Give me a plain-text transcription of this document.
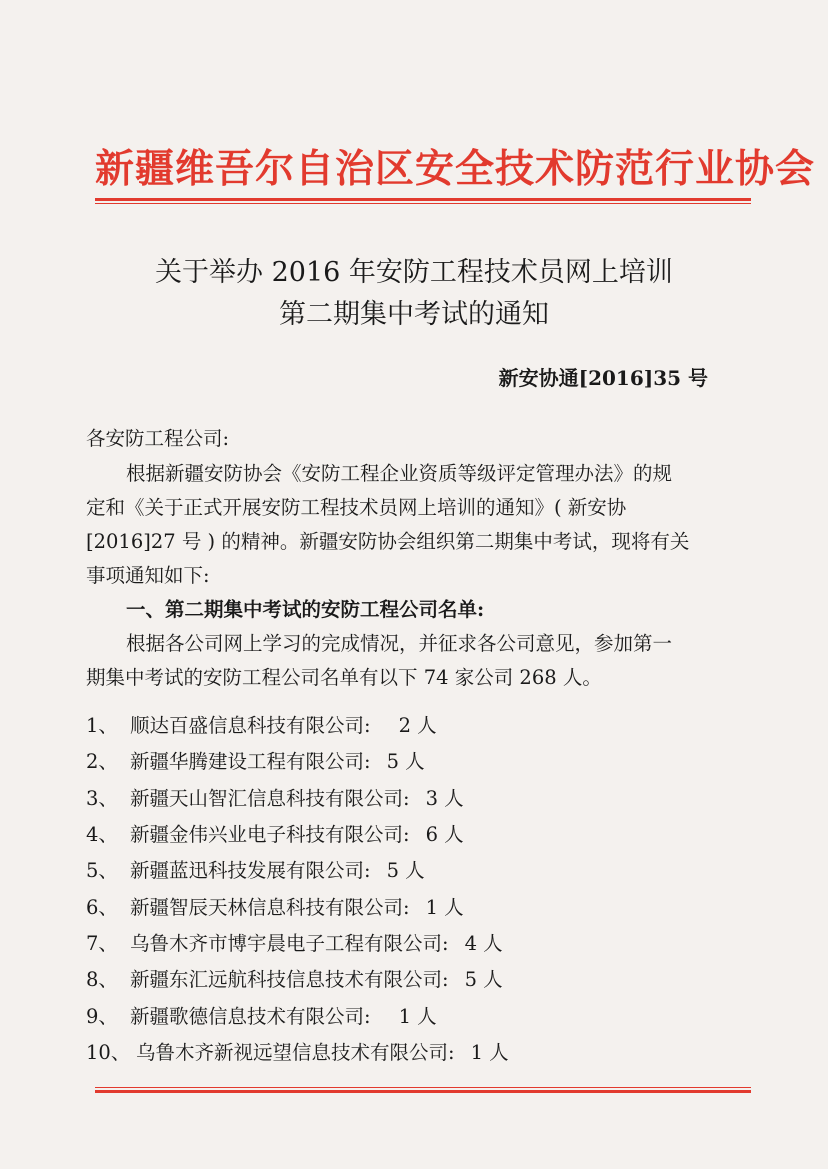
新疆维吾尔自治区安全技术防范行业协会
关于举办 2016 年安防工程技术员网上培训
第二期集中考试的通知
新安协通[2016]35 号
各安防工程公司:
根据新疆安防协会《安防工程企业资质等级评定管理办法》的规
定和《关于正式开展安防工程技术员网上培训的通知》( 新安协
[2016]27 号 ) 的精神。新疆安防协会组织第二期集中考试，现将有关
事项通知如下:
一、第二期集中考试的安防工程公司名单:
根据各公司网上学习的完成情况，并征求各公司意见，参加第一
期集中考试的安防工程公司名单有以下 74 家公司 268 人。
1、 顺达百盛信息科技有限公司: 2 人
2、 新疆华腾建设工程有限公司: 5 人
3、 新疆天山智汇信息科技有限公司: 3 人
4、 新疆金伟兴业电子科技有限公司: 6 人
5、 新疆蓝迅科技发展有限公司: 5 人
6、 新疆智辰天林信息科技有限公司: 1 人
7、 乌鲁木齐市博宇晨电子工程有限公司: 4 人
8、 新疆东汇远航科技信息技术有限公司: 5 人
9、 新疆歌德信息技术有限公司: 1 人
10、 乌鲁木齐新视远望信息技术有限公司: 1 人
